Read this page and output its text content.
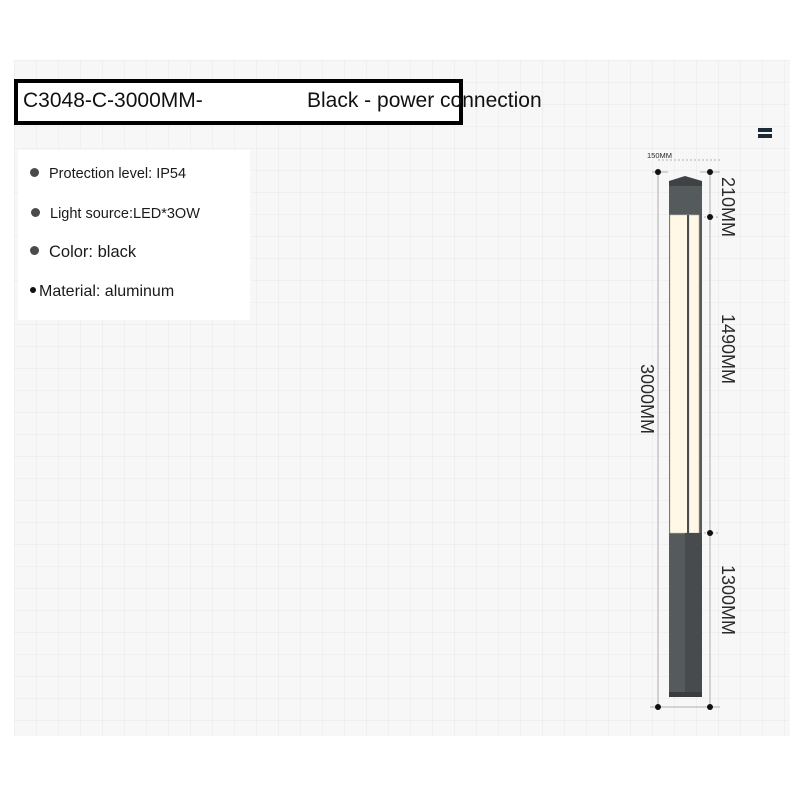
C3048-C-3000MM-	Black - power connection
Protection level: IP54
Light source:LED*3OW
Color: black
Material: aluminum
150MM
210MM
1490MM
3000MM
1300MM
